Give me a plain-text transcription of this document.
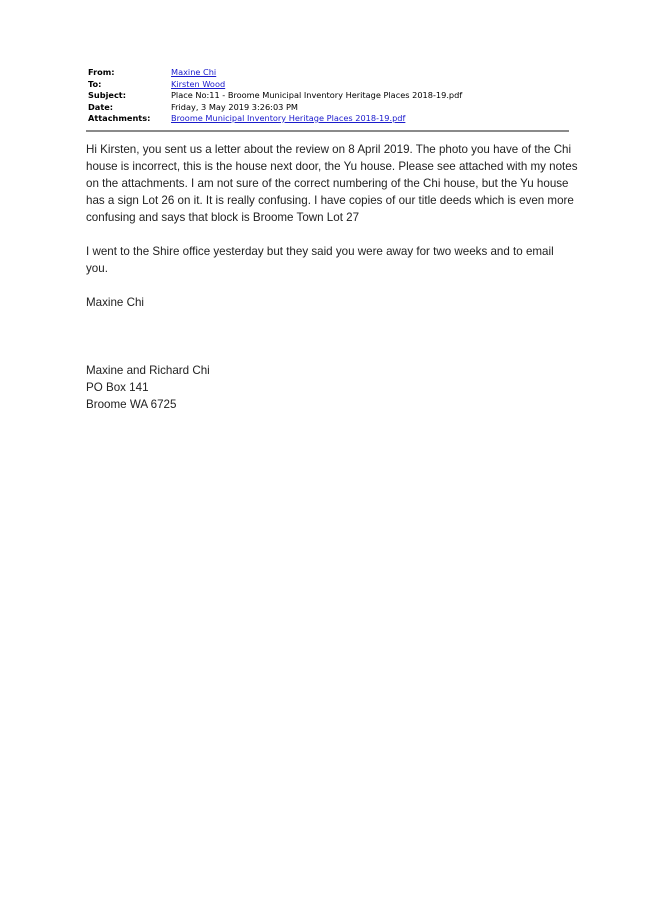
From:	Maxine Chi
To:	Kirsten Wood
Subject:	Place No:11 - Broome Municipal Inventory Heritage Places 2018-19.pdf
Date:	Friday, 3 May 2019 3:26:03 PM
Attachments:	Broome Municipal Inventory Heritage Places 2018-19.pdf

Hi Kirsten, you sent us a letter about the review on 8 April 2019. The photo you have of the Chi
house is incorrect, this is the house next door, the Yu house. Please see attached with my notes
on the attachments. I am not sure of the correct numbering of the Chi house, but the Yu house
has a sign Lot 26 on it. It is really confusing. I have copies of our title deeds which is even more
confusing and says that block is Broome Town Lot 27

I went to the Shire office yesterday but they said you were away for two weeks and to email
you.

Maxine Chi

Maxine and Richard Chi
PO Box 141
Broome WA 6725
